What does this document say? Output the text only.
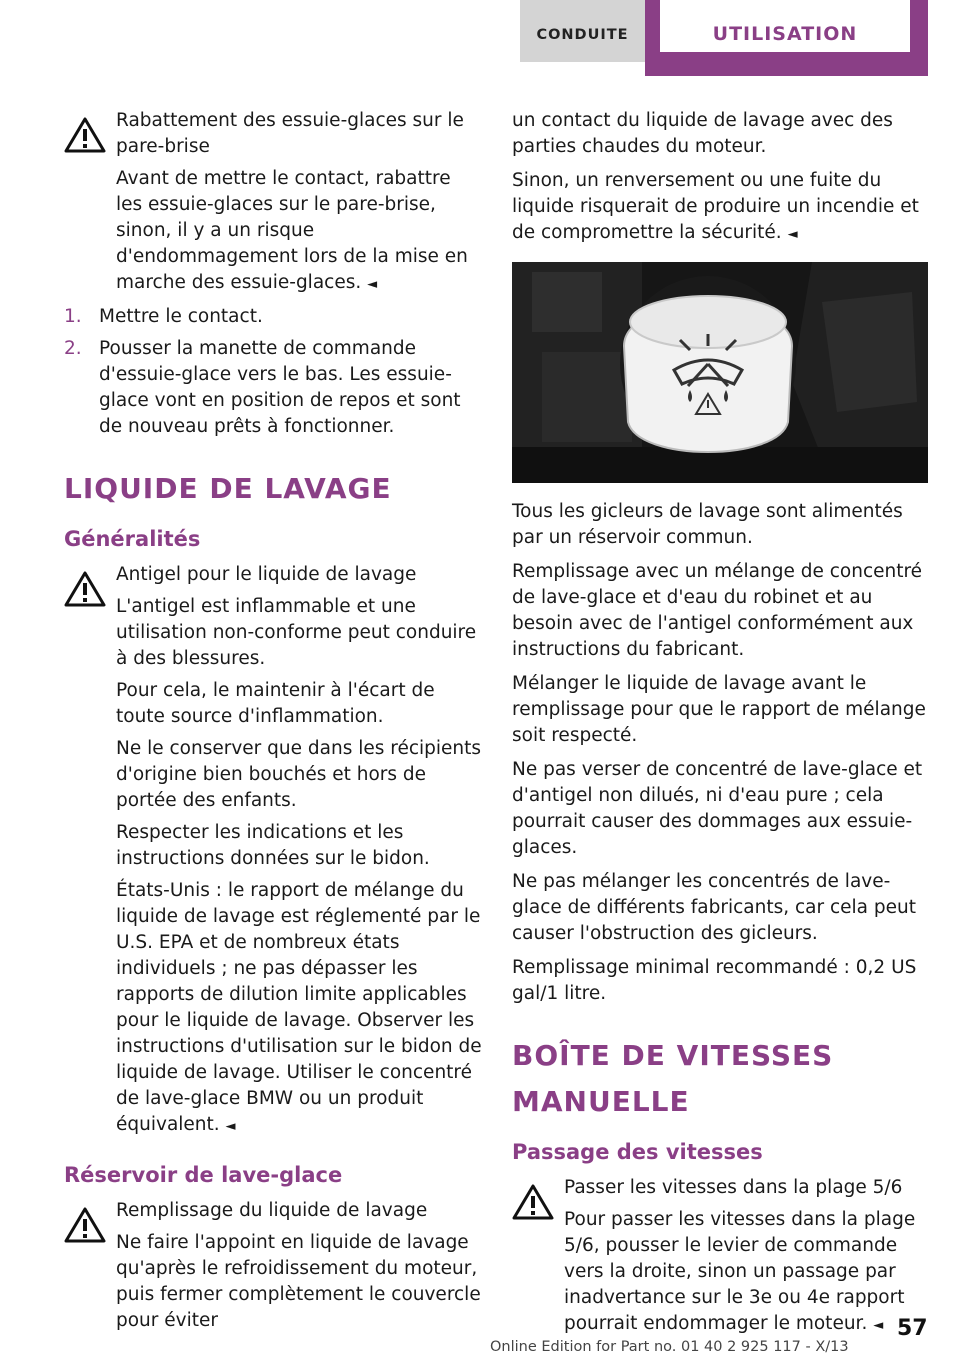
CONDUITE	UTILISATION

Rabattement des essuie-glaces sur le pare-brise

Avant de mettre le contact, rabattre les essuie-glaces sur le pare-brise, sinon, il y a un risque d'endommagement lors de la mise en marche des essuie-glaces. ◄

1. Mettre le contact.
2. Pousser la manette de commande d'essuie-glace vers le bas. Les essuie-glace vont en position de repos et sont de nouveau prêts à fonctionner.
LIQUIDE DE LAVAGE
Généralités

Antigel pour le liquide de lavage

L'antigel est inflammable et une utilisation non-conforme peut conduire à des blessures.

Pour cela, le maintenir à l'écart de toute source d'inflammation.

Ne le conserver que dans les récipients d'origine bien bouchés et hors de portée des enfants.

Respecter les indications et les instructions données sur le bidon.

États-Unis : le rapport de mélange du liquide de lavage est réglementé par le U.S. EPA et de nombreux états individuels ; ne pas dépasser les rapports de dilution limite applicables pour le liquide de lavage. Observer les instructions d'utilisation sur le bidon de liquide de lavage. Utiliser le concentré de lave-glace BMW ou un produit équivalent. ◄

Réservoir de lave-glace

Remplissage du liquide de lavage

Ne faire l'appoint en liquide de lavage qu'après le refroidissement du moteur, puis fermer complètement le couvercle pour éviter

un contact du liquide de lavage avec des parties chaudes du moteur.

Sinon, un renversement ou une fuite du liquide risquerait de produire un incendie et de compromettre la sécurité. ◄

Tous les gicleurs de lavage sont alimentés par un réservoir commun.

Remplissage avec un mélange de concentré de lave-glace et d'eau du robinet et au besoin avec de l'antigel conformément aux instructions du fabricant.

Mélanger le liquide de lavage avant le remplissage pour que le rapport de mélange soit respecté.

Ne pas verser de concentré de lave-glace et d'antigel non dilués, ni d'eau pure ; cela pourrait causer des dommages aux essuie-glaces.

Ne pas mélanger les concentrés de lave-glace de différents fabricants, car cela peut causer l'obstruction des gicleurs.

Remplissage minimal recommandé : 0,2 US gal/1 litre.

BOÎTE DE VITESSES MANUELLE
Passage des vitesses

Passer les vitesses dans la plage 5/6

Pour passer les vitesses dans la plage 5/6, pousser le levier de commande vers la droite, sinon un passage par inadvertance sur le 3e ou 4e rapport pourrait endommager le moteur. ◄ 57
Online Edition for Part no. 01 40 2 925 117 - X/13
